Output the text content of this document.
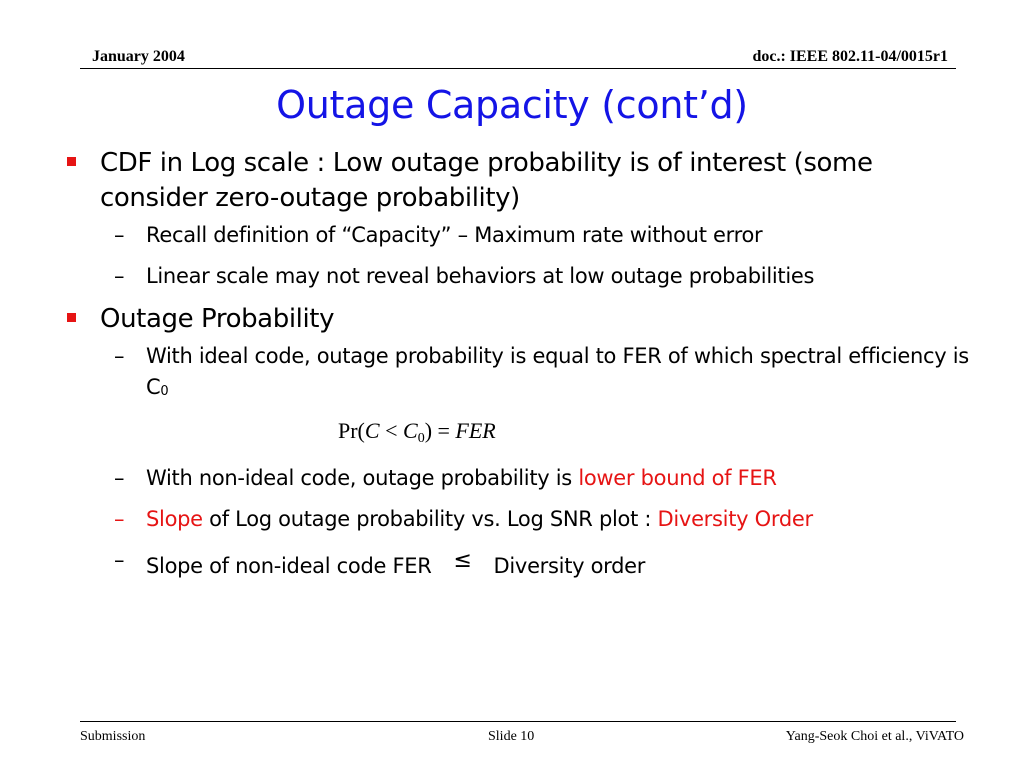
January 2004	doc.: IEEE 802.11-04/0015r1
Outage Capacity (cont’d)
CDF in Log scale : Low outage probability is of interest (some consider zero-outage probability)
– Recall definition of “Capacity” – Maximum rate without error
– Linear scale may not reveal behaviors at low outage probabilities
Outage Probability
– With ideal code, outage probability is equal to FER of which spectral efficiency is C0
Pr(C < C0) = FER
– With non-ideal code, outage probability is lower bound of FER
– Slope of Log outage probability vs. Log SNR plot : Diversity Order
– Slope of non-ideal code FER ≤ Diversity order
Submission	Slide 10	Yang-Seok Choi et al., ViVATO
